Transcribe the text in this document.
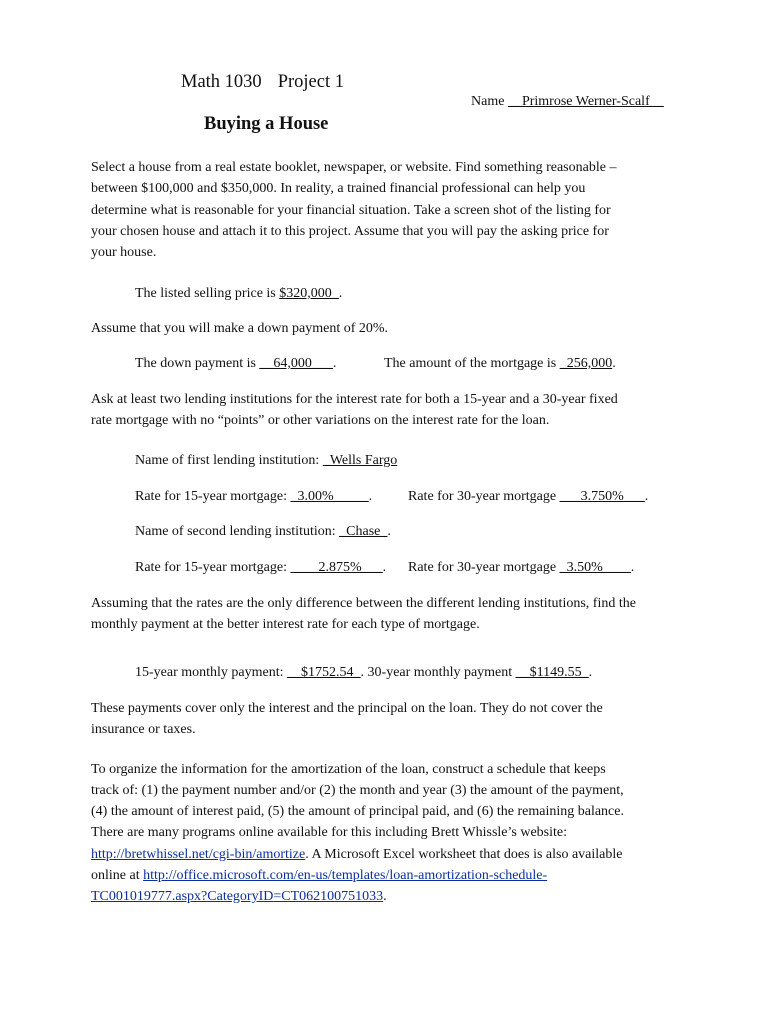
Math 1030 Project 1
Name __Primrose Werner-Scalf__
Buying a House
Select a house from a real estate booklet, newspaper, or website. Find something reasonable –
between $100,000 and $350,000. In reality, a trained financial professional can help you
determine what is reasonable for your financial situation. Take a screen shot of the listing for
your chosen house and attach it to this project. Assume that you will pay the asking price for
your house.
The listed selling price is $320,000_.
Assume that you will make a down payment of 20%.
The down payment is __64,000___.	The amount of the mortgage is _256,000.
Ask at least two lending institutions for the interest rate for both a 15-year and a 30-year fixed
rate mortgage with no “points” or other variations on the interest rate for the loan.
Name of first lending institution: _Wells Fargo
Rate for 15-year mortgage: _3.00%_____.	Rate for 30-year mortgage ___3.750%___.
Name of second lending institution: _Chase_.
Rate for 15-year mortgage: ____2.875%___. Rate for 30-year mortgage _3.50%____.
Assuming that the rates are the only difference between the different lending institutions, find the
monthly payment at the better interest rate for each type of mortgage.
15-year monthly payment: __$1752.54_. 30-year monthly payment __$1149.55_.
These payments cover only the interest and the principal on the loan. They do not cover the
insurance or taxes.
To organize the information for the amortization of the loan, construct a schedule that keeps
track of: (1) the payment number and/or (2) the month and year (3) the amount of the payment,
(4) the amount of interest paid, (5) the amount of principal paid, and (6) the remaining balance.
There are many programs online available for this including Brett Whissle’s website:
http://bretwhissel.net/cgi-bin/amortize. A Microsoft Excel worksheet that does is also available
online at http://office.microsoft.com/en-us/templates/loan-amortization-schedule-
TC001019777.aspx?CategoryID=CT062100751033.
